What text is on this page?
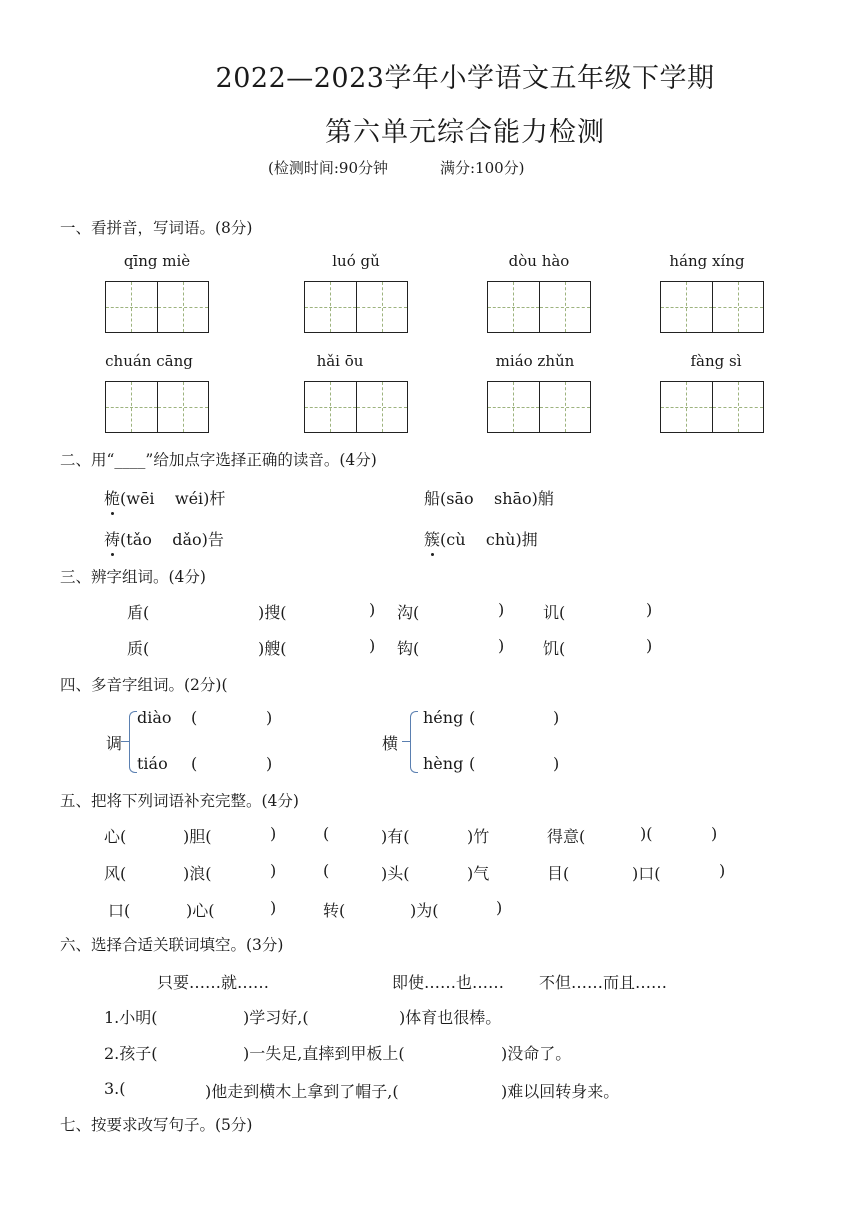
2022—2023学年小学语文五年级下学期
第六单元综合能力检测
(检测时间:90分钟	满分:100分)
一、看拼音，写词语。(8分)
qīng miè	luó gǔ	dòu hào	háng xíng
chuán cāng	hǎi ōu	miáo zhǔn	fàng sì
二、用“____”给加点字选择正确的读音。(4分)
桅(wēi    wéi)杆	船(sāo    shāo)艄
祷(tǎo    dǎo)告	簇(cù    chù)拥
三、辨字组词。(4分)
盾(	)搜(	) 沟(	) 讥(	)
质(	)艘(	) 钩(	) 饥(	)
四、多音字组词。(2分)(
调
diào (	)
tiáo (	)
横
héng (	)
hèng (	)
五、把将下列词语补充完整。(4分)
心(	)胆(	)	(	)有(	)竹	得意(	)(	)
风(	)浪(	)	(	)头(	)气	目(	)口(	)
口(	)心(	)	转(	)为(	)
六、选择合适关联词填空。(3分)
只要……就……	即使……也…… 不但……而且……
1.小明(	)学习好,(	)体育也很棒。
2.孩子(	)一失足,直摔到甲板上(	)没命了。
3.(	)他走到横木上拿到了帽子,(	)难以回转身来。
七、按要求改写句子。(5分)
